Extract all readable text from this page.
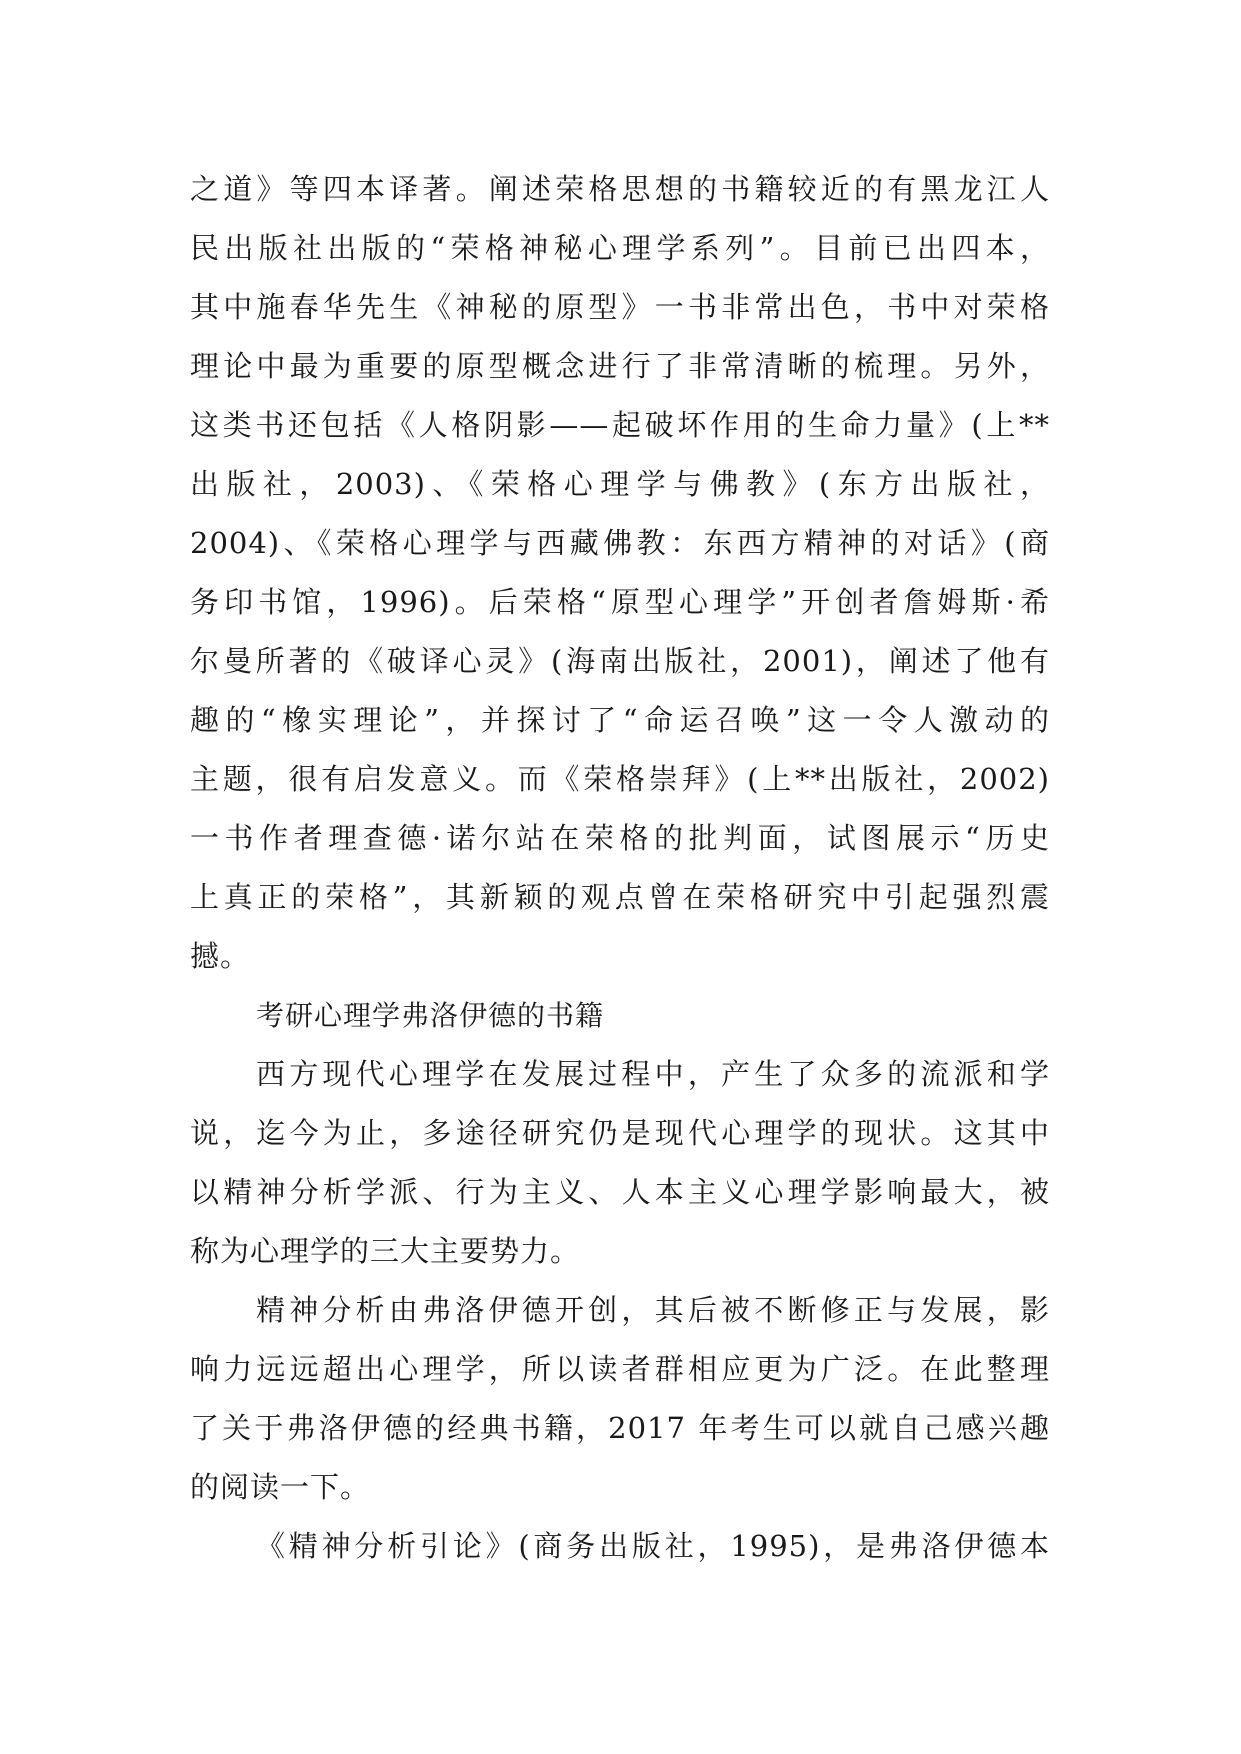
之道》等四本译著。阐述荣格思想的书籍较近的有黑龙江人
民出版社出版的“荣格神秘心理学系列”。目前已出四本，
其中施春华先生《神秘的原型》一书非常出色，书中对荣格
理论中最为重要的原型概念进行了非常清晰的梳理。另外，
这类书还包括《人格阴影——起破坏作用的生命力量》(上**
出版社，2003)、《荣格心理学与佛教》(东方出版社，
2004)、《荣格心理学与西藏佛教：东西方精神的对话》(商
务印书馆，1996)。后荣格“原型心理学”开创者詹姆斯·希
尔曼所著的《破译心灵》(海南出版社，2001)，阐述了他有
趣的“橡实理论”，并探讨了“命运召唤”这一令人激动的
主题，很有启发意义。而《荣格崇拜》(上**出版社，2002)
一书作者理查德·诺尔站在荣格的批判面，试图展示“历史
上真正的荣格”，其新颖的观点曾在荣格研究中引起强烈震
撼。
考研心理学弗洛伊德的书籍
西方现代心理学在发展过程中，产生了众多的流派和学
说，迄今为止，多途径研究仍是现代心理学的现状。这其中
以精神分析学派、行为主义、人本主义心理学影响最大，被
称为心理学的三大主要势力。
精神分析由弗洛伊德开创，其后被不断修正与发展，影
响力远远超出心理学，所以读者群相应更为广泛。在此整理
了关于弗洛伊德的经典书籍，2017 年考生可以就自己感兴趣
的阅读一下。
《精神分析引论》(商务出版社，1995)，是弗洛伊德本
